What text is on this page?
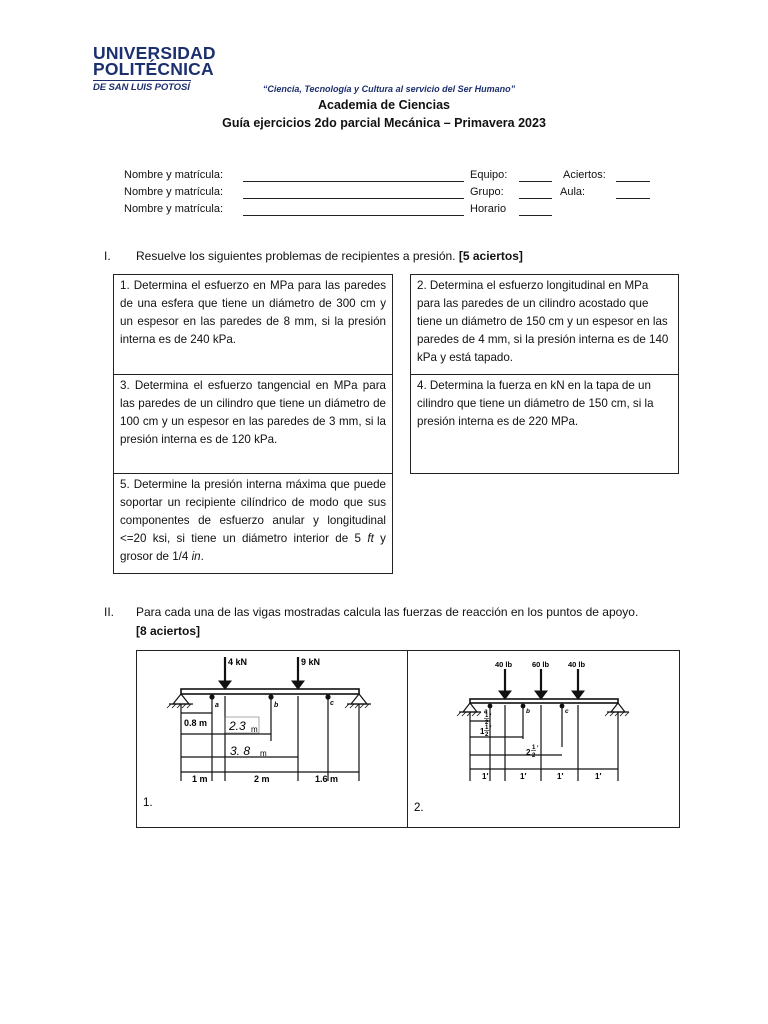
UNIVERSIDAD
POLITÉCNICA
DE SAN LUIS POTOSÍ	“Ciencia, Tecnología y Cultura al servicio del Ser Humano”
Academia de Ciencias
Guía ejercicios 2do parcial Mecánica – Primavera 2023
Nombre y matrícula:	Equipo:	Aciertos:
Nombre y matrícula:	Grupo:	Aula:
Nombre y matrícula:	Horario
I. Resuelve los siguientes problemas de recipientes a presión. [5 aciertos]

1. Determina el esfuerzo en MPa para las paredes de una esfera que tiene un diámetro de 300 cm y un espesor en las paredes de 8 mm, si la presión interna es de 240 kPa.

2. Determina el esfuerzo longitudinal en MPa para las paredes de un cilindro acostado que tiene un diámetro de 150 cm y un espesor en las paredes de 4 mm, si la presión interna es de 140 kPa y está tapado.

3. Determina el esfuerzo tangencial en MPa para las paredes de un cilindro que tiene un diámetro de 100 cm y un espesor en las paredes de 3 mm, si la presión interna es de 120 kPa.

4. Determina la fuerza en kN en la tapa de un cilindro que tiene un diámetro de 150 cm, si la presión interna es de 220 MPa.

5. Determine la presión interna máxima que puede soportar un recipiente cilíndrico de modo que sus componentes de esfuerzo anular y longitudinal <=20 ksi, si tiene un diámetro interior de 5 ft y grosor de 1/4 in.

II. Para cada una de las vigas mostradas calcula las fuerzas de reacción en los puntos de apoyo.
[8 aciertos]
4 kN	9 kN
a	b	c
0.8 m 2.3 m
3. 8 m
1 m	2 m	1.6 m
1.
40 lb	60 lb	40 lb
a	b	c
1
2
′
1 1
2
′
2 1
2
′
1′	1′	1′	1′
2.
